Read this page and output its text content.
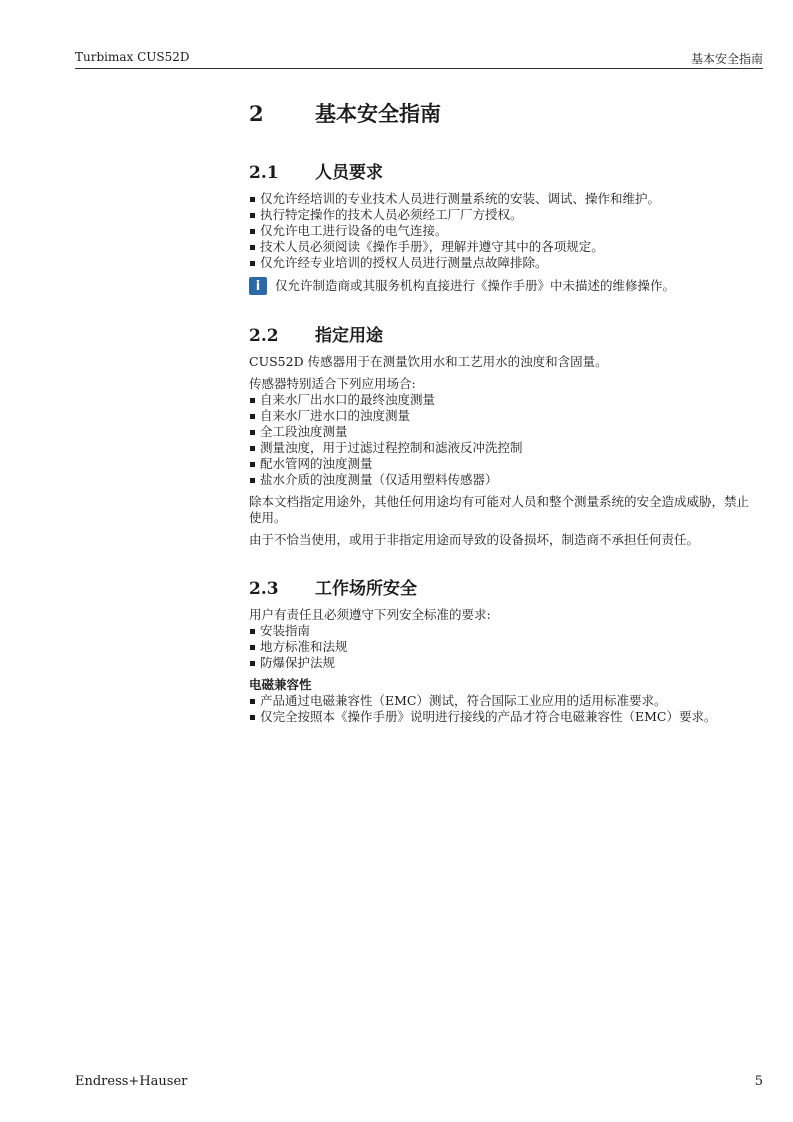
Turbimax CUS52D	基本安全指南
2	基本安全指南
2.1	人员要求
仅允许经培训的专业技术人员进行测量系统的安装、调试、操作和维护。
执行特定操作的技术人员必须经工厂厂方授权。
仅允许电工进行设备的电气连接。
技术人员必须阅读《操作手册》，理解并遵守其中的各项规定。
仅允许经专业培训的授权人员进行测量点故障排除。
i	仅允许制造商或其服务机构直接进行《操作手册》中未描述的维修操作。
2.2	指定用途

CUS52D 传感器用于在测量饮用水和工艺用水的浊度和含固量。

传感器特别适合下列应用场合:

自来水厂出水口的最终浊度测量
自来水厂进水口的浊度测量
全工段浊度测量
测量浊度，用于过滤过程控制和滤液反冲洗控制
配水管网的浊度测量
盐水介质的浊度测量（仅适用塑料传感器）

除本文档指定用途外，其他任何用途均有可能对人员和整个测量系统的安全造成威胁，禁止使用。

由于不恰当使用，或用于非指定用途而导致的设备损坏，制造商不承担任何责任。

2.3	工作场所安全

用户有责任且必须遵守下列安全标准的要求:

安装指南
地方标准和法规
防爆保护法规
电磁兼容性
产品通过电磁兼容性（EMC）测试，符合国际工业应用的适用标准要求。
仅完全按照本《操作手册》说明进行接线的产品才符合电磁兼容性（EMC）要求。
Endress+Hauser	5
